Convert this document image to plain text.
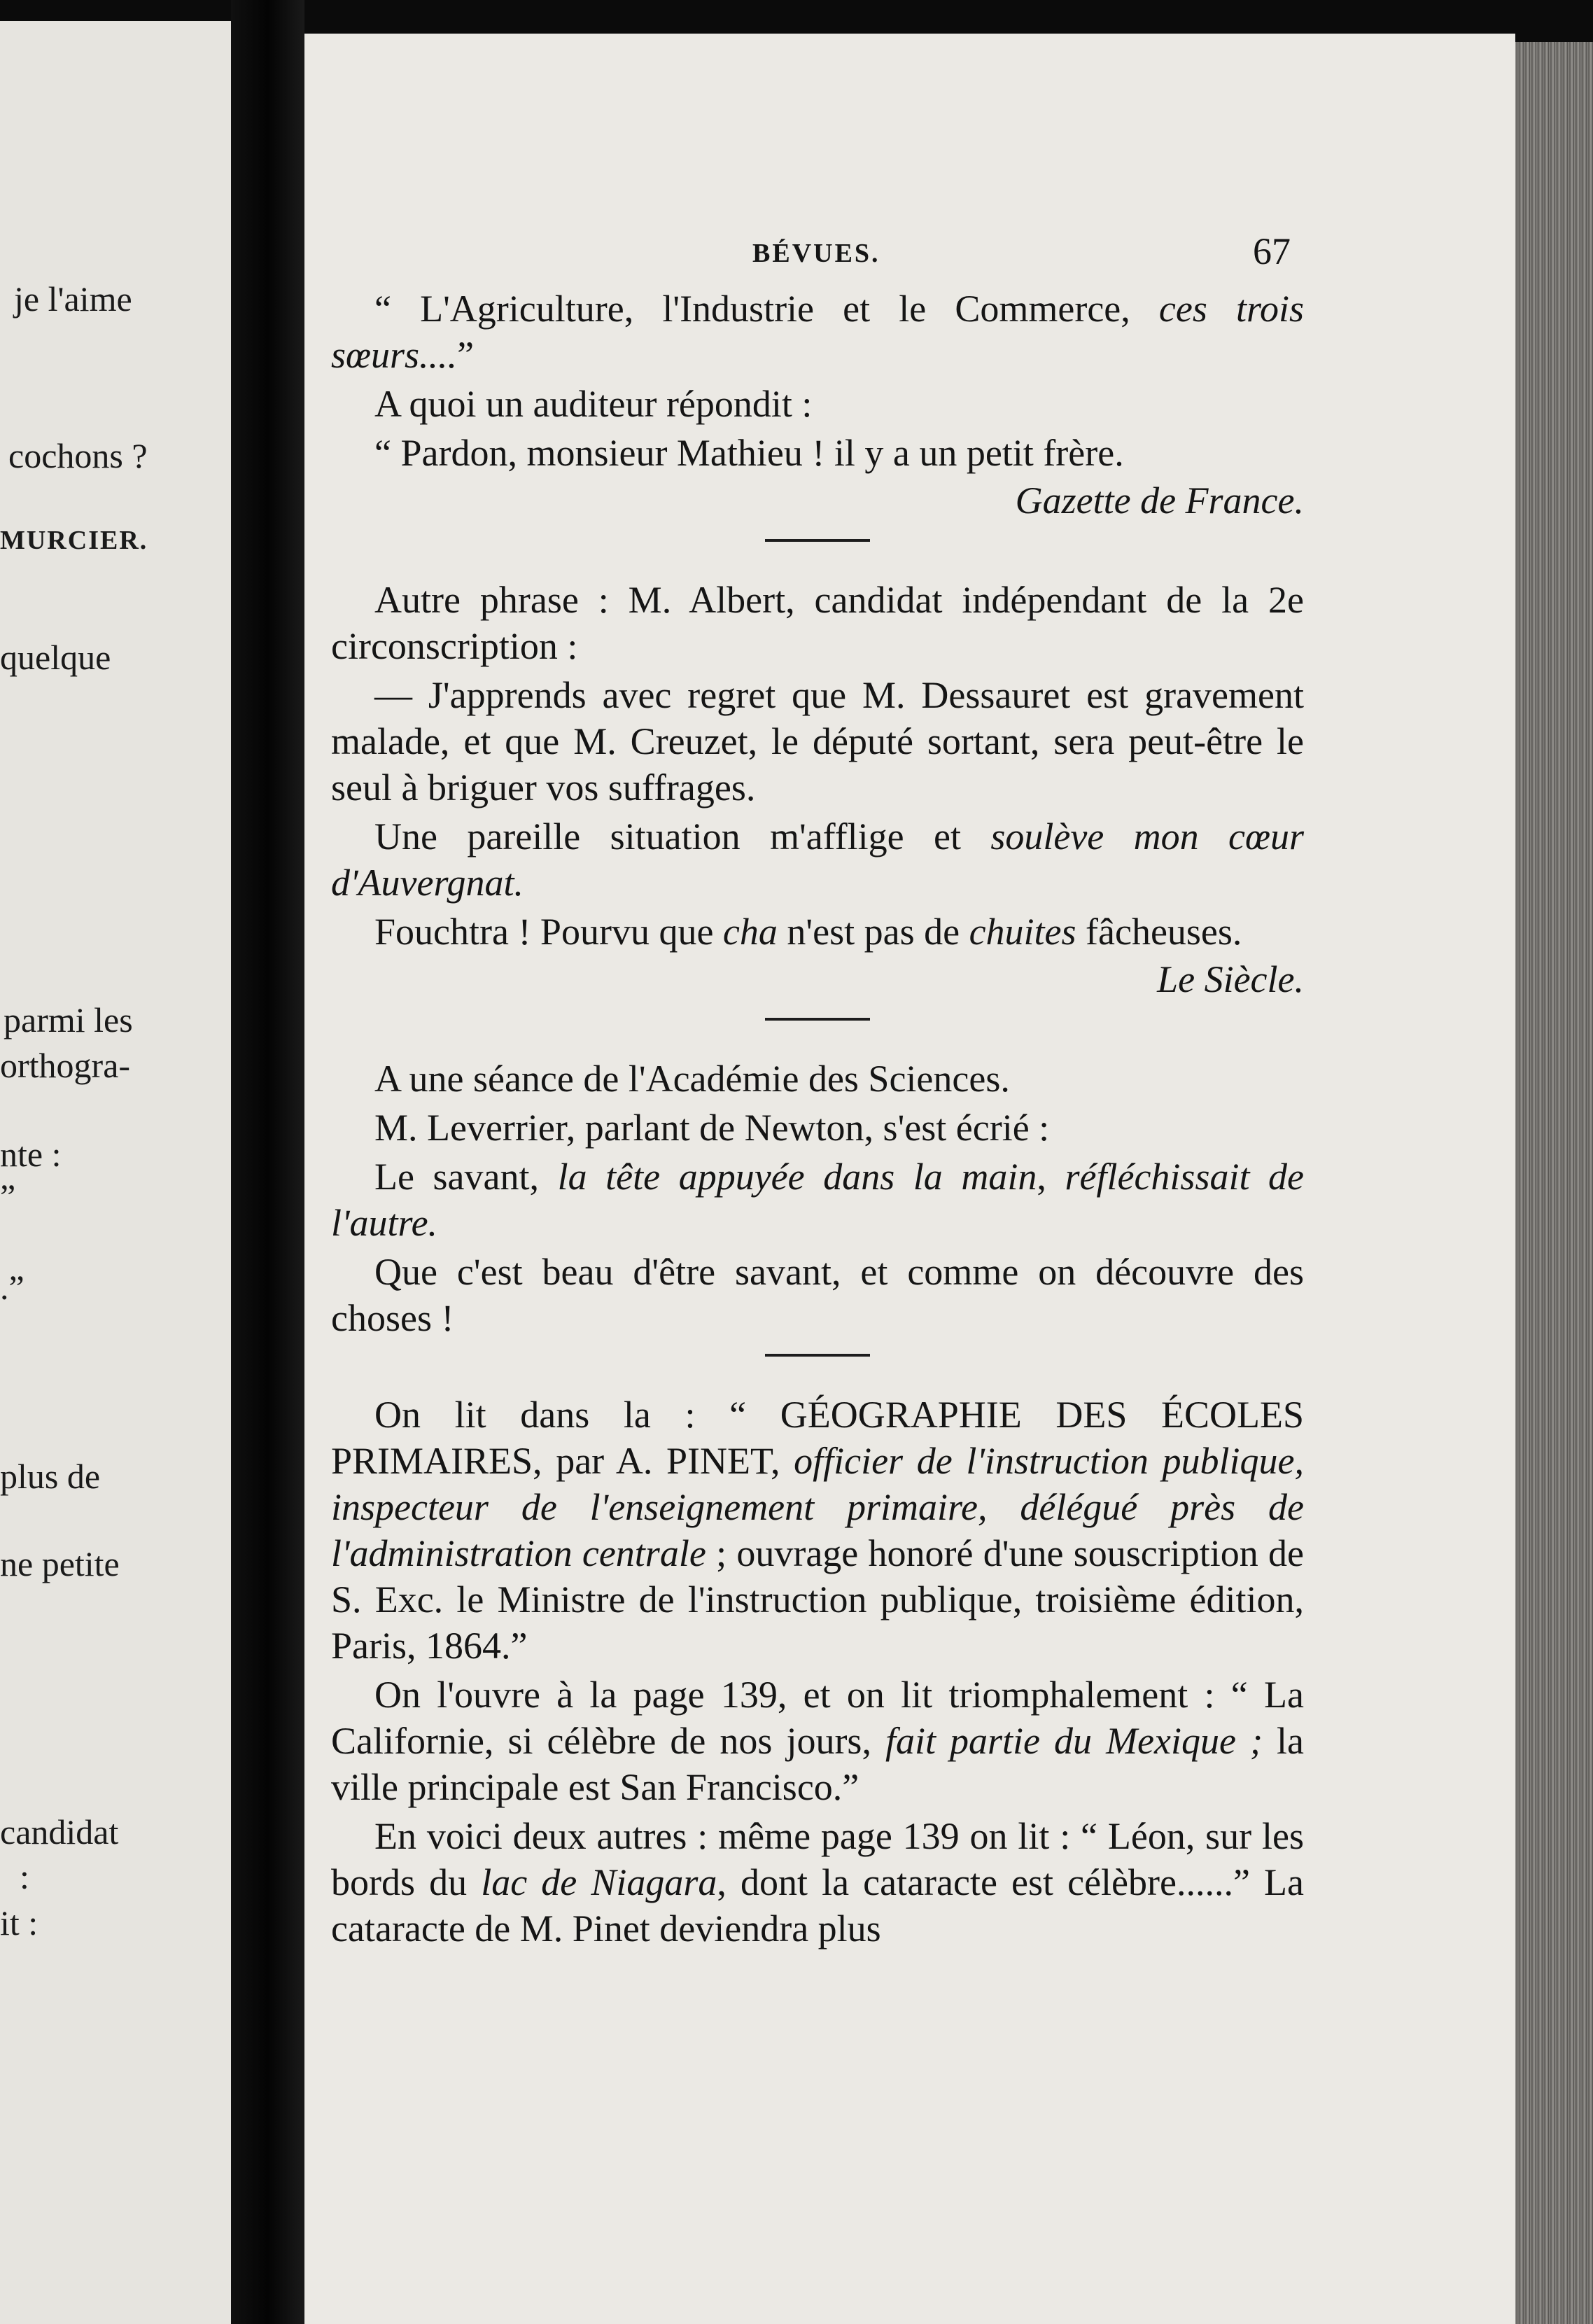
je l'aime
cochons ?
MURCIER.
quelque
parmi les
orthogra-
nte :
”
.”
plus de
ne petite
candidat
:
it :
BÉVUES.	67

“ L'Agriculture, l'Industrie et le Commerce, ces trois sœurs....”

A quoi un auditeur répondit :

“ Pardon, monsieur Mathieu ! il y a un petit frère.

Gazette de France.

Autre phrase : M. Albert, candidat indépendant de la 2e circonscription :

— J'apprends avec regret que M. Dessauret est gravement malade, et que M. Creuzet, le député sortant, sera peut-être le seul à briguer vos suffrages.

Une pareille situation m'afflige et soulève mon cœur d'Auvergnat.

Fouchtra ! Pourvu que cha n'est pas de chuites fâcheuses.

Le Siècle.

A une séance de l'Académie des Sciences.

M. Leverrier, parlant de Newton, s'est écrié :

Le savant, la tête appuyée dans la main, réfléchissait de l'autre.

Que c'est beau d'être savant, et comme on découvre des choses !

On lit dans la : “ GÉOGRAPHIE DES ÉCOLES PRIMAIRES, par A. PINET, officier de l'instruction publique, inspecteur de l'enseignement primaire, délégué près de l'administration centrale ; ouvrage honoré d'une souscription de S. Exc. le Ministre de l'instruction publique, troisième édition, Paris, 1864.”

On l'ouvre à la page 139, et on lit triomphalement : “ La Californie, si célèbre de nos jours, fait partie du Mexique ; la ville principale est San Francisco.”

En voici deux autres : même page 139 on lit : “ Léon, sur les bords du lac de Niagara, dont la cataracte est célèbre......” La cataracte de M. Pinet deviendra plus
